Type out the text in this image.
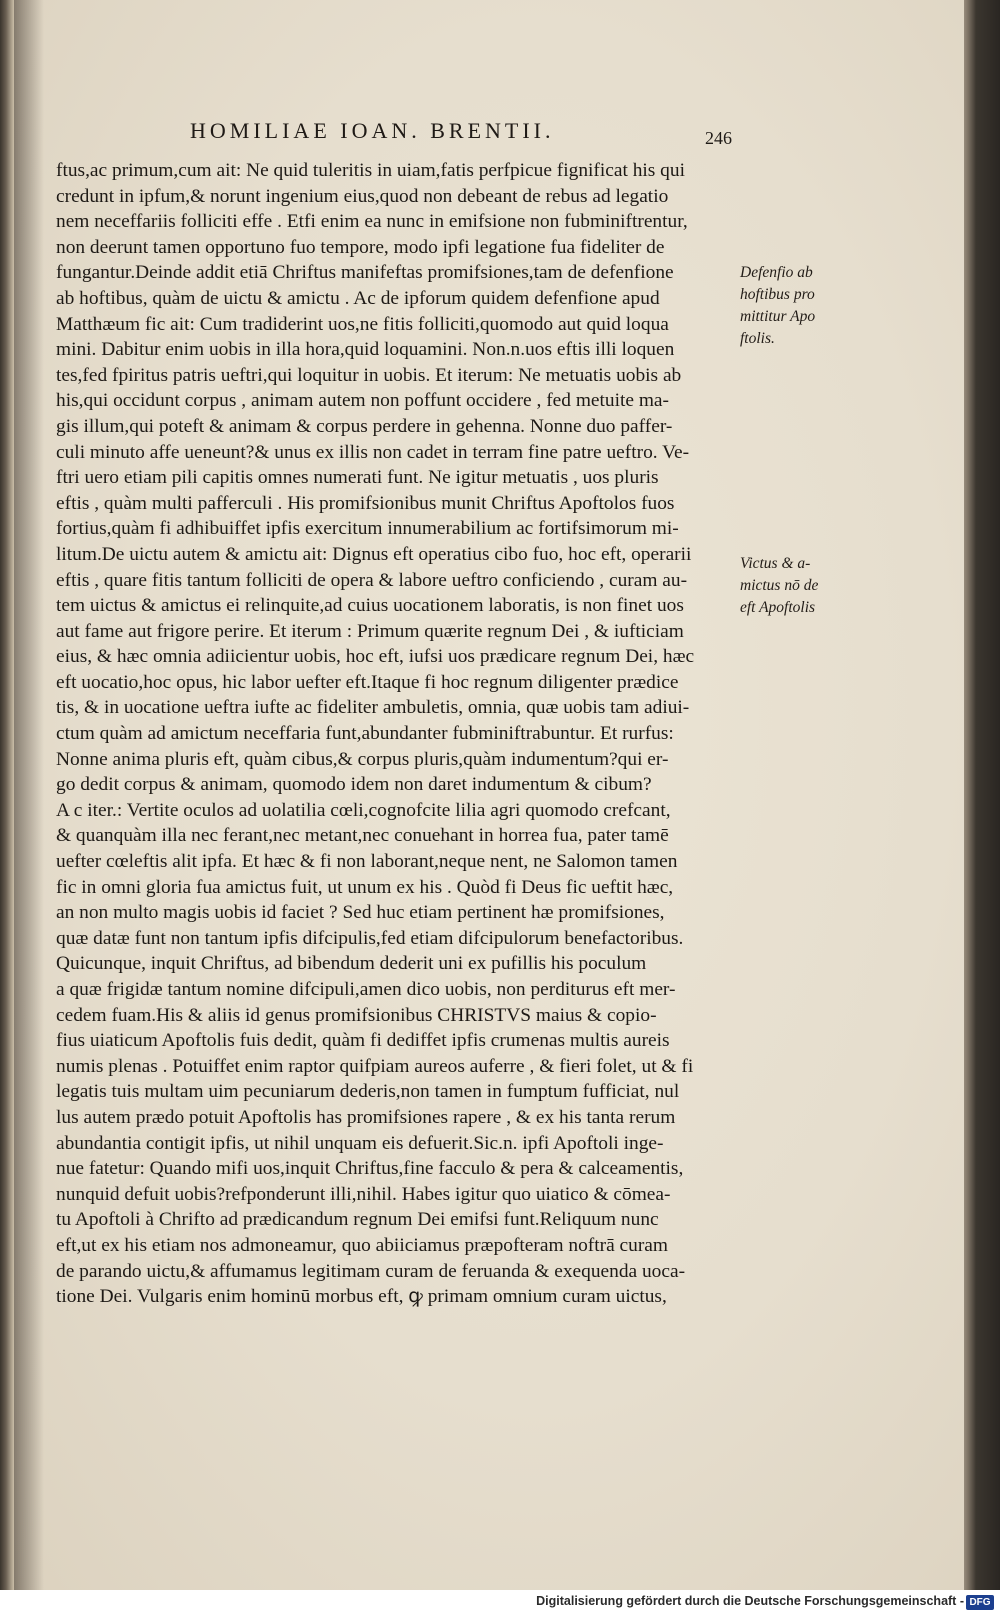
HOMILIAE IOAN. BRENTII.	246
ftus,ac primum,cum ait: Ne quid tuleritis in uiam,fatis perfpicue fignificat his qui
credunt in ipfum,& norunt ingenium eius,quod non debeant de rebus ad legatio
nem neceffariis folliciti effe . Etfi enim ea nunc in emifsione non fubminiftrentur,
non deerunt tamen opportuno fuo tempore, modo ipfi legatione fua fideliter de
fungantur.Deinde addit etiā Chriftus manifeftas promifsiones,tam de defenfione
ab hoftibus, quàm de uictu & amictu . Ac de ipforum quidem defenfione apud
Matthæum fic ait: Cum tradiderint uos,ne fitis folliciti,quomodo aut quid loqua
mini. Dabitur enim uobis in illa hora,quid loquamini. Non.n.uos eftis illi loquen
tes,fed fpiritus patris ueftri,qui loquitur in uobis. Et iterum: Ne metuatis uobis ab
his,qui occidunt corpus , animam autem non poffunt occidere , fed metuite ma-
gis illum,qui poteft & animam & corpus perdere in gehenna. Nonne duo paffer-
culi minuto affe ueneunt?& unus ex illis non cadet in terram fine patre ueftro. Ve-
ftri uero etiam pili capitis omnes numerati funt. Ne igitur metuatis , uos pluris
eftis , quàm multi pafferculi . His promifsionibus munit Chriftus Apoftolos fuos
fortius,quàm fi adhibuiffet ipfis exercitum innumerabilium ac fortifsimorum mi-
litum.De uictu autem & amictu ait: Dignus eft operatius cibo fuo, hoc eft, operarii
eftis , quare fitis tantum folliciti de opera & labore ueftro conficiendo , curam au-
tem uictus & amictus ei relinquite,ad cuius uocationem laboratis, is non finet uos
aut fame aut frigore perire. Et iterum : Primum quærite regnum Dei , & iufticiam
eius, & hæc omnia adiicientur uobis, hoc eft, iufsi uos prædicare regnum Dei, hæc
eft uocatio,hoc opus, hic labor uefter eft.Itaque fi hoc regnum diligenter prædice
tis, & in uocatione ueftra iufte ac fideliter ambuletis, omnia, quæ uobis tam adiui-
ctum quàm ad amictum neceffaria funt,abundanter fubminiftrabuntur. Et rurfus:
Nonne anima pluris eft, quàm cibus,& corpus pluris,quàm indumentum?qui er-
go dedit corpus & animam, quomodo idem non daret indumentum & cibum?
A c iter.: Vertite oculos ad uolatilia cœli,cognofcite lilia agri quomodo crefcant,
& quanquàm illa nec ferant,nec metant,nec conuehant in horrea fua, pater tamē
uefter cœleftis alit ipfa. Et hæc & fi non laborant,neque nent, ne Salomon tamen
fic in omni gloria fua amictus fuit, ut unum ex his . Quòd fi Deus fic ueftit hæc,
an non multo magis uobis id faciet ? Sed huc etiam pertinent hæ promifsiones,
quæ datæ funt non tantum ipfis difcipulis,fed etiam difcipulorum benefactoribus.
Quicunque, inquit Chriftus, ad bibendum dederit uni ex pufillis his poculum
a quæ frigidæ tantum nomine difcipuli,amen dico uobis, non perditurus eft mer-
cedem fuam.His & aliis id genus promifsionibus CHRISTVS maius & copio-
fius uiaticum Apoftolis fuis dedit, quàm fi dediffet ipfis crumenas multis aureis
numis plenas . Potuiffet enim raptor quifpiam aureos auferre , & fieri folet, ut & fi
legatis tuis multam uim pecuniarum dederis,non tamen in fumptum fufficiat, nul
lus autem prædo potuit Apoftolis has promifsiones rapere , & ex his tanta rerum
abundantia contigit ipfis, ut nihil unquam eis defuerit.Sic.n. ipfi Apoftoli inge-
nue fatetur: Quando mifi uos,inquit Chriftus,fine facculo & pera & calceamentis,
nunquid defuit uobis?refponderunt illi,nihil. Habes igitur quo uiatico & cōmea-
tu Apoftoli à Chrifto ad prædicandum regnum Dei emifsi funt.Reliquum nunc
eft,ut ex his etiam nos admoneamur, quo abiiciamus præpofteram noftrā curam
de parando uictu,& affumamus legitimam curam de feruanda & exequenda uoca-
tione Dei. Vulgaris enim hominū morbus eft, ꝙ primam omnium curam uictus,
Defenfio ab
hoftibus pro
mittitur Apo
ftolis.
Victus & a-
mictus nō de
eft Apoftolis
Digitalisierung gefördert durch die Deutsche Forschungsgemeinschaft - DFG
